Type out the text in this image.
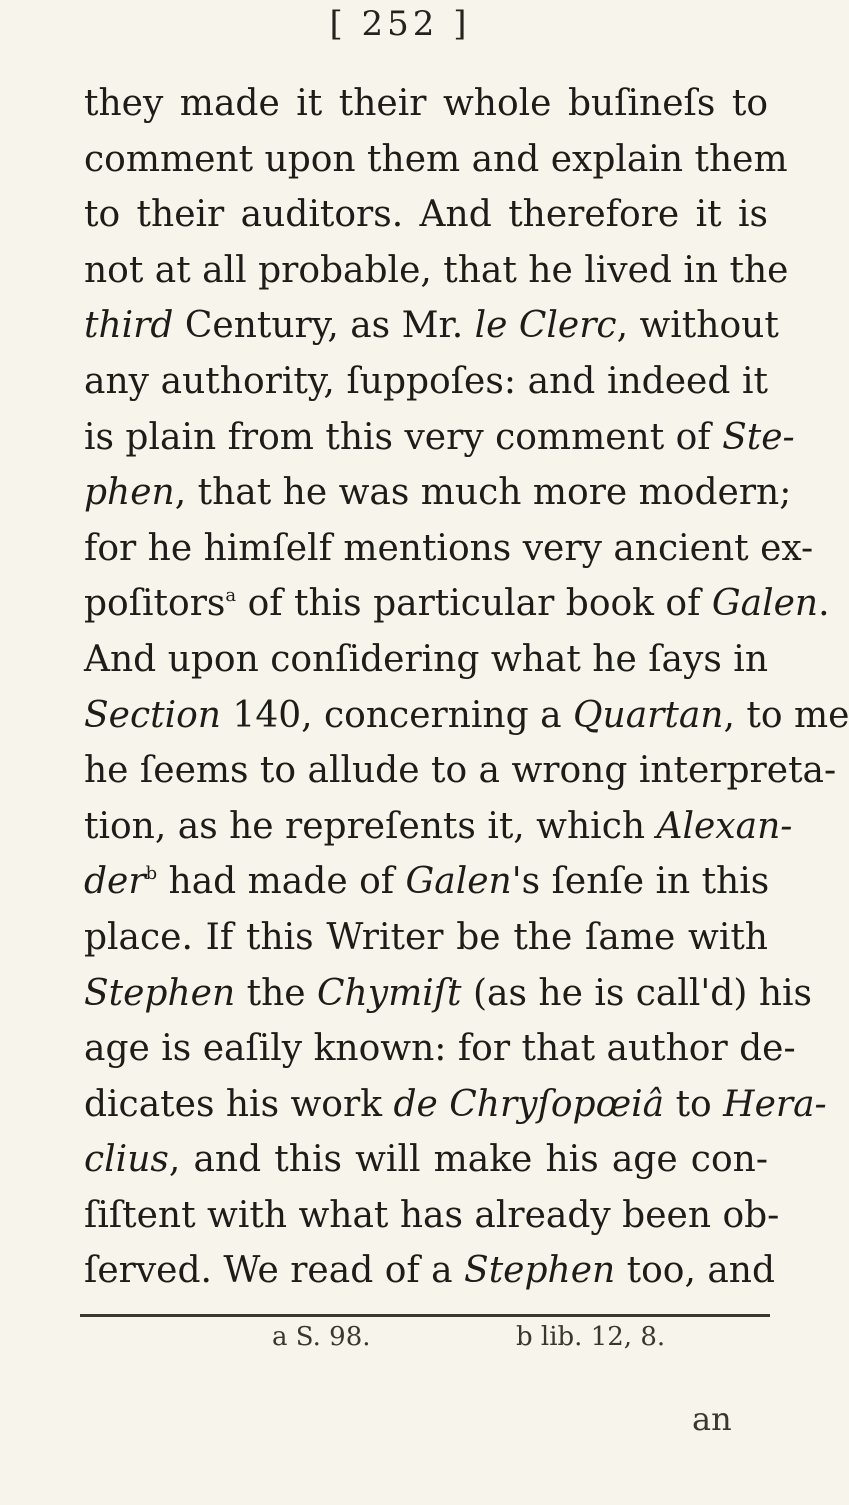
[ 252 ]
they made it their whole buſineſs to
comment upon them and explain them
to their auditors. And therefore it is
not at all probable, that he lived in the
third Century, as Mr. le Clerc, without
any authority, ſuppoſes: and indeed it
is plain from this very comment of Ste-
phen, that he was much more modern;
for he himſelf mentions very ancient ex-
poſitors$^a$ of this particular book of Galen.
And upon conſidering what he ſays in
Section 140, concerning a Quartan, to me
he ſeems to allude to a wrong interpreta-
tion, as he repreſents it, which Alexan-
der$^b$ had made of Galen's ſenſe in this
place. If this Writer be the ſame with
Stephen the Chymiſt (as he is call'd) his
age is eaſily known: for that author de-
dicates his work de Chryſopœiâ to Hera-
clius, and this will make his age con-
ſiſtent with what has already been ob-
ſerved. We read of a Stephen too, and
a S. 98.	b lib. 12, 8.
an
